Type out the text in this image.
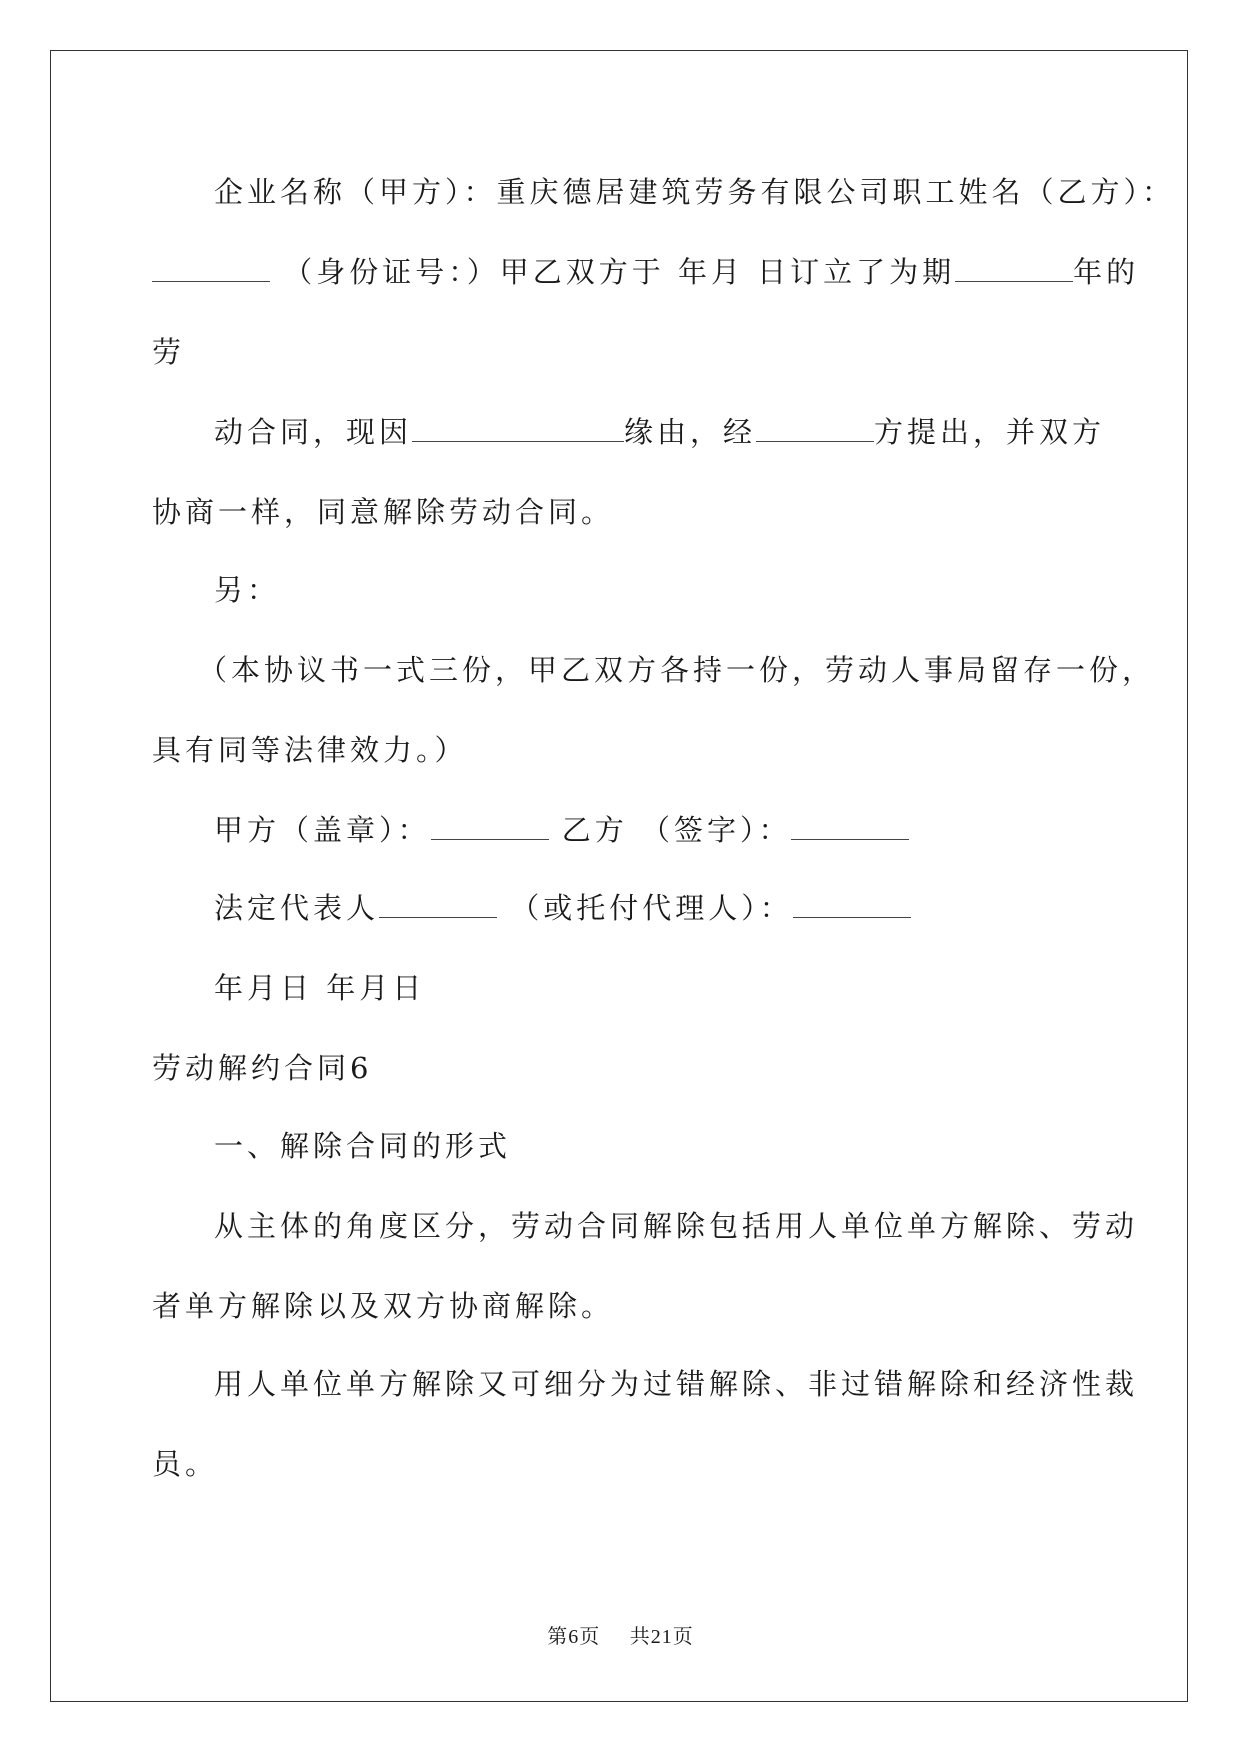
企业名称（甲方）：重庆德居建筑劳务有限公司职工姓名（乙方）：
（身份证号：）甲乙双方于 年月 日订立了为期	年的
劳
动合同，现因	缘由，经	方提出，并双方
协商一样，同意解除劳动合同。
另：
（本协议书一式三份，甲乙双方各持一份，劳动人事局留存一份，
具有同等法律效力。）
甲方（盖章）：	乙方 （签字）：
法定代表人	（或托付代理人）：
年月日 年月日
劳动解约合同6
一、解除合同的形式
从主体的角度区分，劳动合同解除包括用人单位单方解除、劳动
者单方解除以及双方协商解除。
用人单位单方解除又可细分为过错解除、非过错解除和经济性裁
员。
第6页    共21页
